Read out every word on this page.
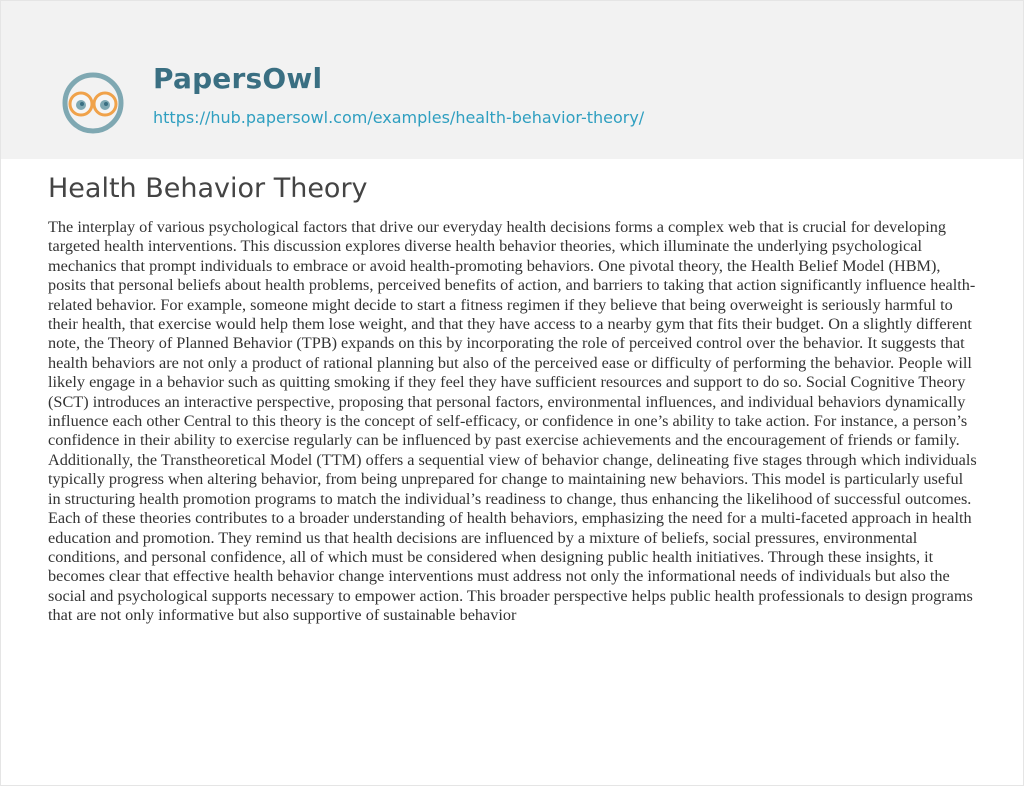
PapersOwl
https://hub.papersowl.com/examples/health-behavior-theory/
Health Behavior Theory

The interplay of various psychological factors that drive our everyday health decisions forms a complex web that is crucial for developing targeted health interventions. This discussion explores diverse health behavior theories, which illuminate the underlying psychological mechanics that prompt individuals to embrace or avoid health-promoting behaviors. One pivotal theory, the Health Belief Model (HBM), posits that personal beliefs about health problems, perceived benefits of action, and barriers to taking that action significantly influence health-related behavior. For example, someone might decide to start a fitness regimen if they believe that being overweight is seriously harmful to their health, that exercise would help them lose weight, and that they have access to a nearby gym that fits their budget. On a slightly different note, the Theory of Planned Behavior (TPB) expands on this by incorporating the role of perceived control over the behavior. It suggests that health behaviors are not only a product of rational planning but also of the perceived ease or difficulty of performing the behavior. People will likely engage in a behavior such as quitting smoking if they feel they have sufficient resources and support to do so. Social Cognitive Theory (SCT) introduces an interactive perspective, proposing that personal factors, environmental influences, and individual behaviors dynamically influence each other Central to this theory is the concept of self-efficacy, or confidence in one’s ability to take action. For instance, a person’s confidence in their ability to exercise regularly can be influenced by past exercise achievements and the encouragement of friends or family. Additionally, the Transtheoretical Model (TTM) offers a sequential view of behavior change, delineating five stages through which individuals typically progress when altering behavior, from being unprepared for change to maintaining new behaviors. This model is particularly useful in structuring health promotion programs to match the individual’s readiness to change, thus enhancing the likelihood of successful outcomes. Each of these theories contributes to a broader understanding of health behaviors, emphasizing the need for a multi-faceted approach in health education and promotion. They remind us that health decisions are influenced by a mixture of beliefs, social pressures, environmental conditions, and personal confidence, all of which must be considered when designing public health initiatives. Through these insights, it becomes clear that effective health behavior change interventions must address not only the informational needs of individuals but also the social and psychological supports necessary to empower action. This broader perspective helps public health professionals to design programs that are not only informative but also supportive of sustainable behavior
